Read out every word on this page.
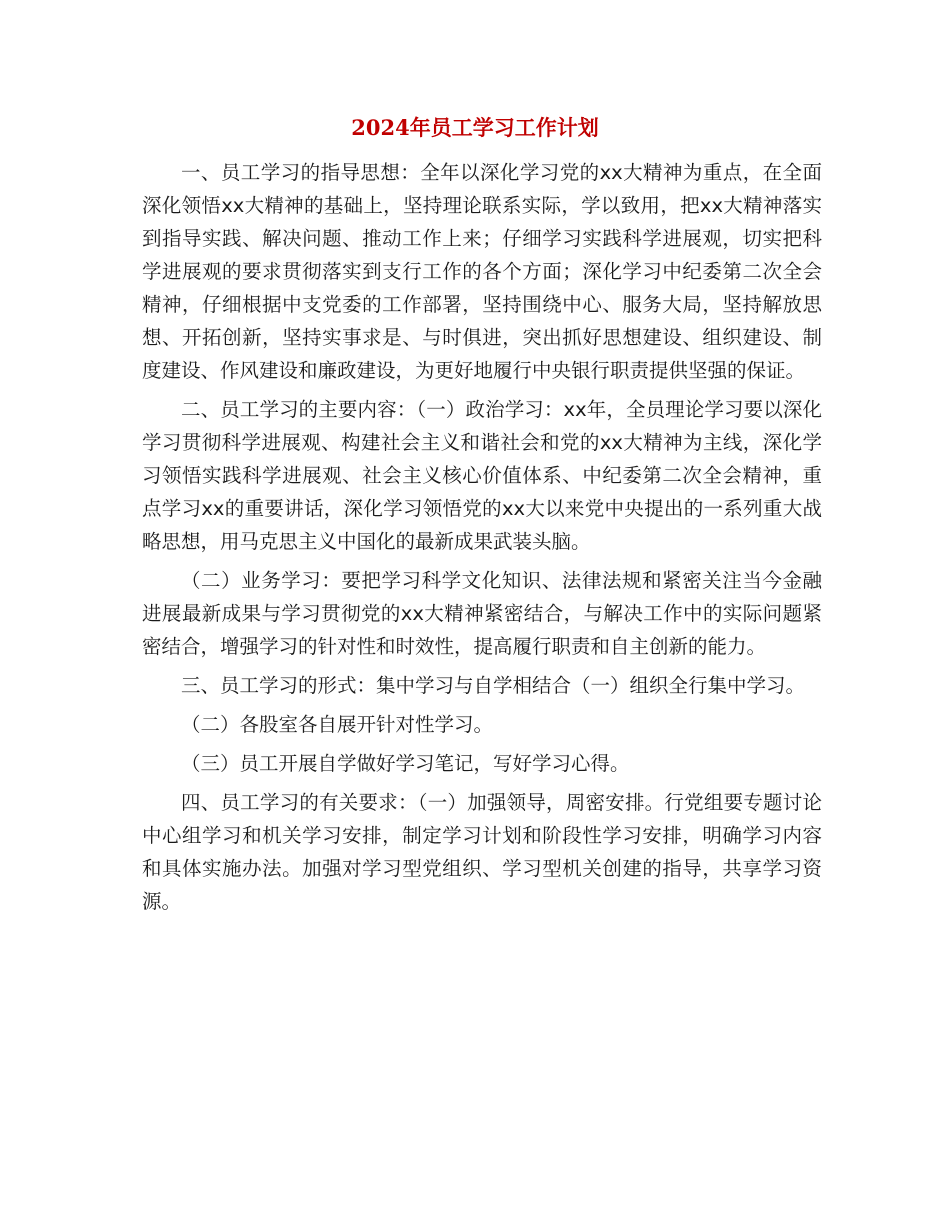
2024年员工学习工作计划

一、员工学习的指导思想：全年以深化学习党的xx大精神为重点，在全面深化领悟xx大精神的基础上，坚持理论联系实际，学以致用，把xx大精神落实到指导实践、解决问题、推动工作上来；仔细学习实践科学进展观，切实把科学进展观的要求贯彻落实到支行工作的各个方面；深化学习中纪委第二次全会精神，仔细根据中支党委的工作部署，坚持围绕中心、服务大局，坚持解放思想、开拓创新，坚持实事求是、与时俱进，突出抓好思想建设、组织建设、制度建设、作风建设和廉政建设，为更好地履行中央银行职责提供坚强的保证。

二、员工学习的主要内容：（一）政治学习：xx年，全员理论学习要以深化学习贯彻科学进展观、构建社会主义和谐社会和党的xx大精神为主线，深化学习领悟实践科学进展观、社会主义核心价值体系、中纪委第二次全会精神，重点学习xx的重要讲话，深化学习领悟党的xx大以来党中央提出的一系列重大战略思想，用马克思主义中国化的最新成果武装头脑。

（二）业务学习：要把学习科学文化知识、法律法规和紧密关注当今金融进展最新成果与学习贯彻党的xx大精神紧密结合，与解决工作中的实际问题紧密结合，增强学习的针对性和时效性，提高履行职责和自主创新的能力。

三、员工学习的形式：集中学习与自学相结合（一）组织全行集中学习。

（二）各股室各自展开针对性学习。

（三）员工开展自学做好学习笔记，写好学习心得。

四、员工学习的有关要求：（一）加强领导，周密安排。行党组要专题讨论中心组学习和机关学习安排，制定学习计划和阶段性学习安排，明确学习内容和具体实施办法。加强对学习型党组织、学习型机关创建的指导，共享学习资源。
